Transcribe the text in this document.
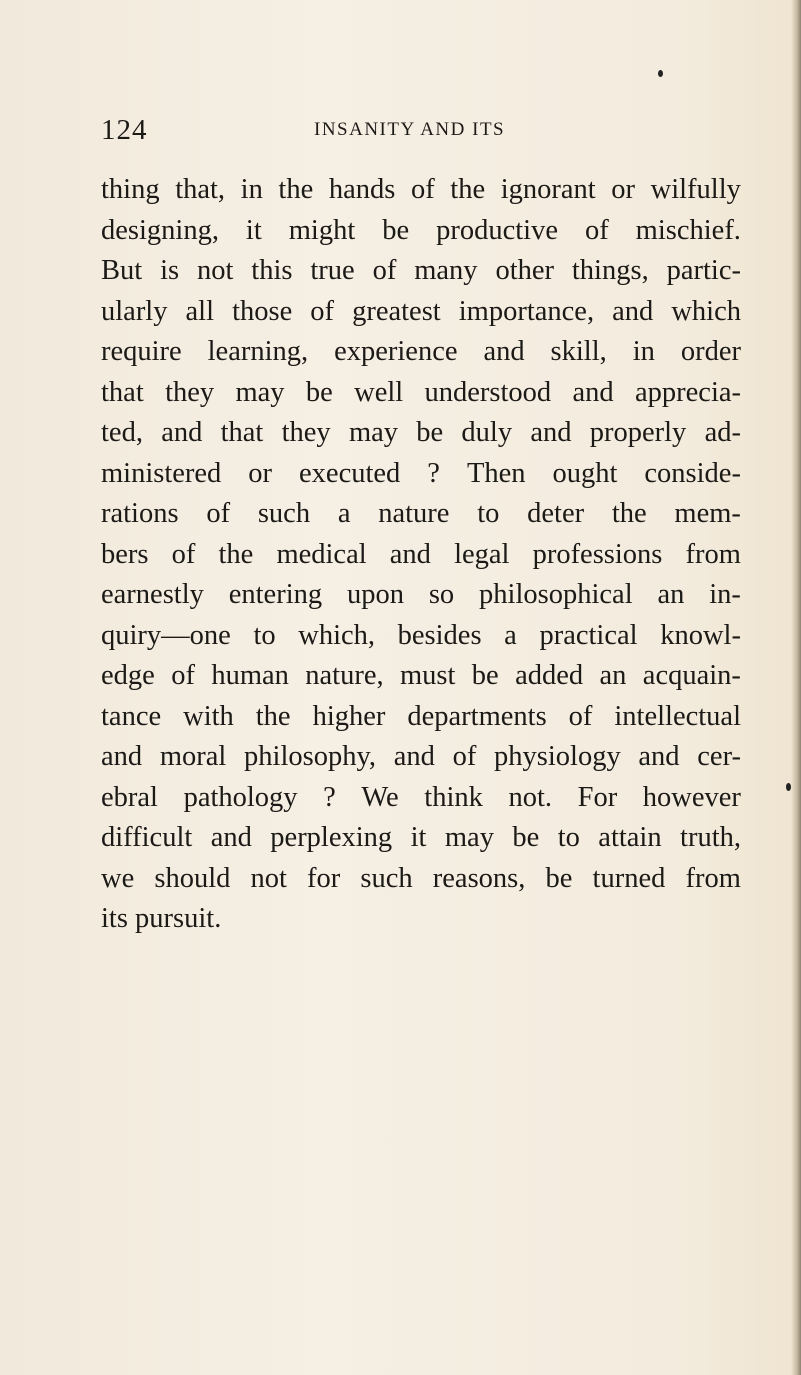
124	INSANITY AND ITS
thing that, in the hands of the ignorant or wilfully
designing, it might be productive of mischief.
But is not this true of many other things, partic-
ularly all those of greatest importance, and which
require learning, experience and skill, in order
that they may be well understood and apprecia-
ted, and that they may be duly and properly ad-
ministered or executed ? Then ought conside-
rations of such a nature to deter the mem-
bers of the medical and legal professions from
earnestly entering upon so philosophical an in-
quiry—one to which, besides a practical knowl-
edge of human nature, must be added an acquain-
tance with the higher departments of intellectual
and moral philosophy, and of physiology and cer-
ebral pathology ? We think not. For however
difficult and perplexing it may be to attain truth,
we should not for such reasons, be turned from
its pursuit.
